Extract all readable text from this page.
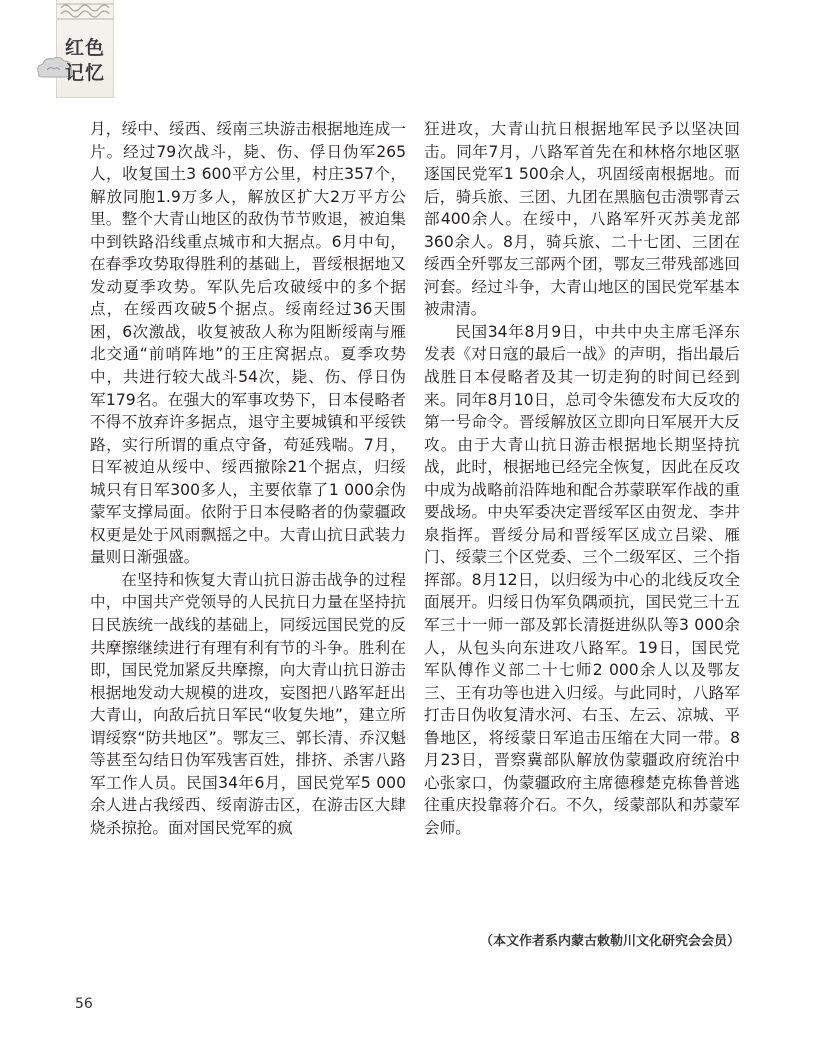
红色
记忆

月，绥中、绥西、绥南三块游击根据地连成一片。经过79次战斗，毙、伤、俘日伪军265人，收复国土3 600平方公里，村庄357个，解放同胞1.9万多人，解放区扩大2万平方公里。整个大青山地区的敌伪节节败退，被迫集中到铁路沿线重点城市和大据点。6月中旬，在春季攻势取得胜利的基础上，晋绥根据地又发动夏季攻势。军队先后攻破绥中的多个据点，在绥西攻破5个据点。绥南经过36天围困，6次激战，收复被敌人称为阻断绥南与雁北交通“前哨阵地”的王庄窝据点。夏季攻势中，共进行较大战斗54次，毙、伤、俘日伪军179名。在强大的军事攻势下，日本侵略者不得不放弃许多据点，退守主要城镇和平绥铁路，实行所谓的重点守备，苟延残喘。7月，日军被迫从绥中、绥西撤除21个据点，归绥城只有日军300多人，主要依靠了1 000余伪蒙军支撑局面。依附于日本侵略者的伪蒙疆政权更是处于风雨飘摇之中。大青山抗日武装力量则日渐强盛。

在坚持和恢复大青山抗日游击战争的过程中，中国共产党领导的人民抗日力量在坚持抗日民族统一战线的基础上，同绥远国民党的反共摩擦继续进行有理有利有节的斗争。胜利在即，国民党加紧反共摩擦，向大青山抗日游击根据地发动大规模的进攻，妄图把八路军赶出大青山，向敌后抗日军民“收复失地”，建立所谓绥察“防共地区”。鄂友三、郭长清、乔汉魁等甚至勾结日伪军残害百姓，排挤、杀害八路军工作人员。民国34年6月，国民党军5 000余人进占我绥西、绥南游击区，在游击区大肆烧杀掠抢。面对国民党军的疯

狂进攻，大青山抗日根据地军民予以坚决回击。同年7月，八路军首先在和林格尔地区驱逐国民党军1 500余人，巩固绥南根据地。而后，骑兵旅、三团、九团在黑脑包击溃鄂青云部400余人。在绥中，八路军歼灭苏美龙部360余人。8月，骑兵旅、二十七团、三团在绥西全歼鄂友三部两个团，鄂友三带残部逃回河套。经过斗争，大青山地区的国民党军基本被肃清。

民国34年8月9日，中共中央主席毛泽东发表《对日寇的最后一战》的声明，指出最后战胜日本侵略者及其一切走狗的时间已经到来。同年8月10日，总司令朱德发布大反攻的第一号命令。晋绥解放区立即向日军展开大反攻。由于大青山抗日游击根据地长期坚持抗战，此时，根据地已经完全恢复，因此在反攻中成为战略前沿阵地和配合苏蒙联军作战的重要战场。中央军委决定晋绥军区由贺龙、李井泉指挥。晋绥分局和晋绥军区成立吕梁、雁门、绥蒙三个区党委、三个二级军区、三个指挥部。8月12日，以归绥为中心的北线反攻全面展开。归绥日伪军负隅顽抗，国民党三十五军三十一师一部及郭长清挺进纵队等3 000余人，从包头向东进攻八路军。19日，国民党军队傅作义部二十七师2 000余人以及鄂友三、王有功等也进入归绥。与此同时，八路军打击日伪收复清水河、右玉、左云、凉城、平鲁地区，将绥蒙日军追击压缩在大同一带。8月23日，晋察冀部队解放伪蒙疆政府统治中心张家口，伪蒙疆政府主席德穆楚克栋鲁普逃往重庆投靠蒋介石。不久，绥蒙部队和苏蒙军会师。

（本文作者系内蒙古敕勒川文化研究会会员）
56
